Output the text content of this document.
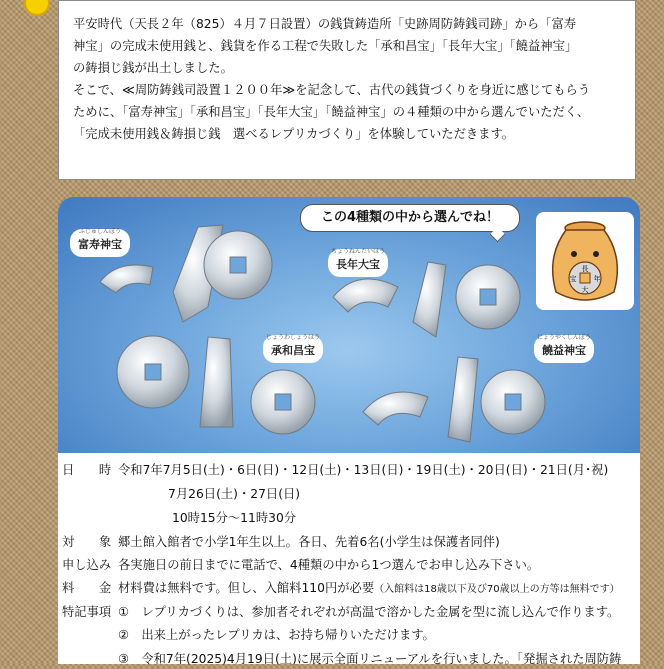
平安時代（天長２年（825）４月７日設置）の銭貨鋳造所「史跡周防鋳銭司跡」から「富寿

神宝」の完成未使用銭と、銭貨を作る工程で失敗した「承和昌宝」「長年大宝」「饒益神宝」

の鋳損じ銭が出土しました。

そこで、≪周防鋳銭司設置１２００年≫を記念して、古代の銭貨づくりを身近に感じてもらう

ために、「富寿神宝」「承和昌宝」「長年大宝」「饒益神宝」の４種類の中から選んでいただく、

「完成未使用銭＆鋳損じ銭　選べるレプリカづくり」を体験していただきます。

この4種類の中から選んでね！
ふじゅしんぽう
富寿神宝
ちょうねんたいほう
長年大宝
じょうわしょうほう
承和昌宝
にょうやくしんぽう
饒益神宝
長
年
大
宝
日　　時 令和7年7月5日(土)・6日(日)・12日(土)・13日(日)・19日(土)・20日(日)・21日(月･祝)
7月26日(土)・27日(日)
10時15分～11時30分
対　　象 郷土館入館者で小学1年生以上。各日、先着6名(小学生は保護者同伴)
申し込み 各実施日の前日までに電話で、4種類の中から1つ選んでお申し込み下さい。
料　　金 材料費は無料です。但し、入館料110円が必要（入館料は18歳以下及び70歳以上の方等は無料です）
特記事項 ①　レプリカづくりは、参加者それぞれが高温で溶かした金属を型に流し込んで作ります。
②　出来上がったレプリカは、お持ち帰りいただけます。
③　令和7年(2025)4月19日(土)に展示全面リニューアルを行いました。「発掘された周防鋳
